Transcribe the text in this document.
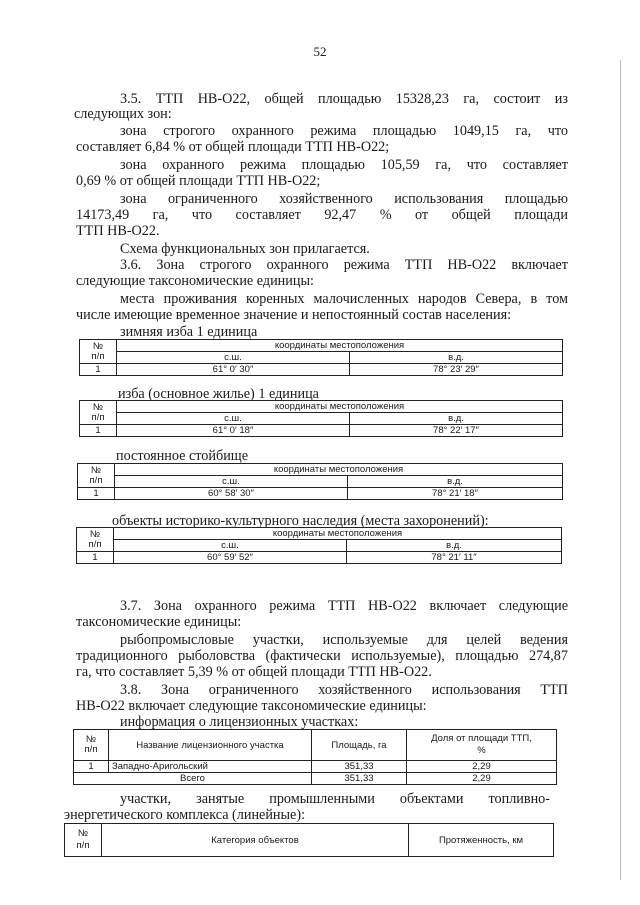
52

3.5. ТТП НВ-О22, общей площадью 15328,23 га, состоит из

следующих зон:

зона строгого охранного режима площадью 1049,15 га, что

составляет 6,84 % от общей площади ТТП НВ-О22;

зона охранного режима площадью 105,59 га, что составляет

0,69 % от общей площади ТТП НВ-О22;

зона ограниченного хозяйственного использования площадью

14173,49 га, что составляет 92,47 % от общей площади

ТТП НВ-О22.

Схема функциональных зон прилагается.

3.6. Зона строгого охранного режима ТТП НВ-О22 включает

следующие таксономические единицы:

места проживания коренных малочисленных народов Севера, в том

числе имеющие временное значение и непостоянный состав населения:

зимняя изба 1 единица

№
п/п	координаты местоположения	
	с.ш.	в.д.
1	61° 0′ 30″	78° 23′ 29″

изба (основное жилье) 1 единица

№
п/п	координаты местоположения	
	с.ш.	в.д.
1	61° 0′ 18″	78° 22′ 17″

постоянное стойбище

№
п/п	координаты местоположения	
	с.ш.	в.д.
1	60° 58′ 30″	78° 21′ 18″

объекты историко-культурного наследия (места захоронений):

№
п/п	координаты местоположения	
	с.ш.	в.д.
1	60° 59′ 52″	78° 21′ 11″

3.7. Зона охранного режима ТТП НВ-О22 включает следующие

таксономические единицы:

рыбопромысловые участки, используемые для целей ведения

традиционного рыболовства (фактически используемые), площадью 274,87

га, что составляет 5,39 % от общей площади ТТП НВ-О22.

3.8. Зона ограниченного хозяйственного использования ТТП

НВ-О22 включает следующие таксономические единицы:

информация о лицензионных участках:

№
п/п	Название лицензионного участка	Площадь, га	Доля от площади ТТП,
%
1	Западно-Аригольский	351,33	2,29
Всего		351,33	2,29

участки, занятые промышленными объектами топливно-

энергетического комплекса (линейные):

№
п/п	Категория объектов	Протяженность, км
